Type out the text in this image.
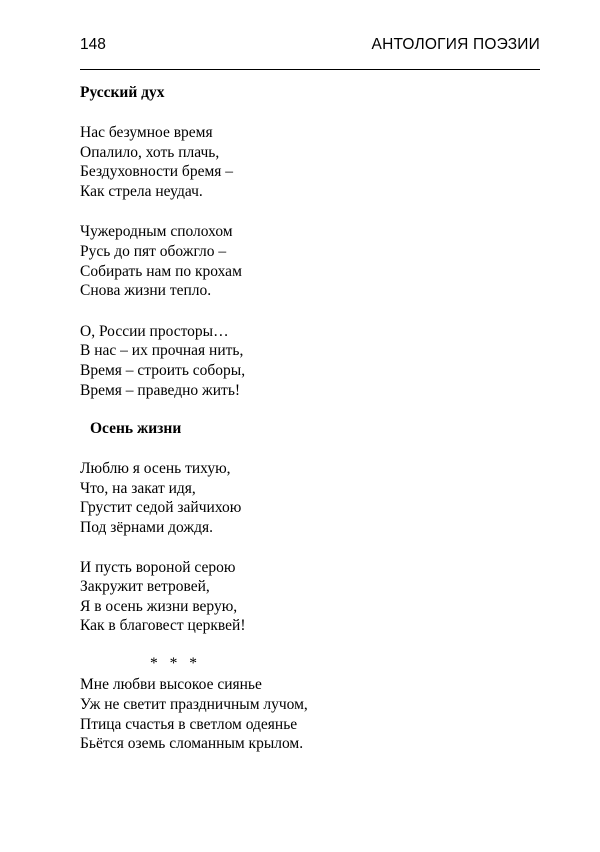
148	АНТОЛОГИЯ ПОЭЗИИ
Русский дух
Нас безумное время
Опалило, хоть плачь,
Бездуховности бремя –
Как стрела неудач.
Чужеродным сполохом
Русь до пят обожгло –
Собирать нам по крохам
Снова жизни тепло.
О, России просторы…
В нас – их прочная нить,
Время – строить соборы,
Время – праведно жить!
Осень жизни
Люблю я осень тихую,
Что, на закат идя,
Грустит седой зайчихою
Под зёрнами дождя.
И пусть вороной серою
Закружит ветровей,
Я в осень жизни верую,
Как в благовест церквей!
* * *
Мне любви высокое сиянье
Уж не светит праздничным лучом,
Птица счастья в светлом одеянье
Бьётся оземь сломанным крылом.
